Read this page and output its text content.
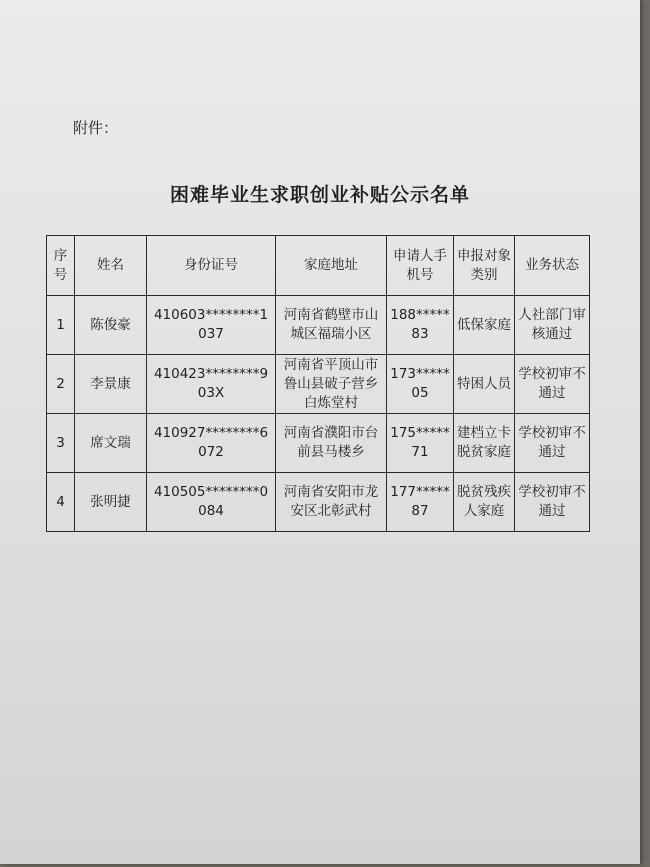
附件：
困难毕业生求职创业补贴公示名单
序号	姓名	身份证号	家庭地址	申请人手机号	申报对象类别	业务状态
1	陈俊豪	410603********1037	河南省鹤壁市山城区福瑞小区	188*****83	低保家庭	人社部门审核通过
2	李景康	410423********903X	河南省平顶山市鲁山县破子营乡白炼堂村	173*****05	特困人员	学校初审不通过
3	席文瑞	410927********6072	河南省濮阳市台前县马楼乡	175*****71	建档立卡脱贫家庭	学校初审不通过
4	张明捷	410505********0084	河南省安阳市龙安区北彰武村	177*****87	脱贫残疾人家庭	学校初审不通过
